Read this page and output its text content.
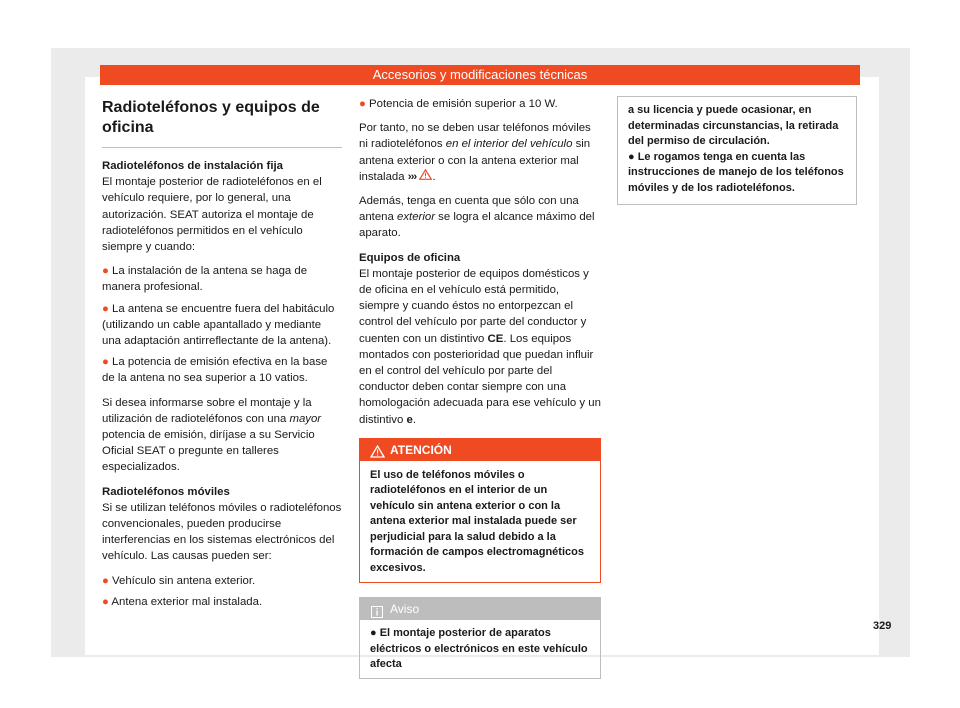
Accesorios y modificaciones técnicas
Radioteléfonos y equipos de oficina

Radioteléfonos de instalación fija

El montaje posterior de radioteléfonos en el vehículo requiere, por lo general, una autorización. SEAT autoriza el montaje de radioteléfonos permitidos en el vehículo siempre y cuando:

● La instalación de la antena se haga de manera profesional.

● La antena se encuentre fuera del habitáculo (utilizando un cable apantallado y mediante una adaptación antirreflectante de la antena).

● La potencia de emisión efectiva en la base de la antena no sea superior a 10 vatios.

Si desea informarse sobre el montaje y la utilización de radioteléfonos con una mayor potencia de emisión, diríjase a su Servicio Oficial SEAT o pregunte en talleres especializados.

Radioteléfonos móviles

Si se utilizan teléfonos móviles o radioteléfonos convencionales, pueden producirse interferencias en los sistemas electrónicos del vehículo. Las causas pueden ser:

● Vehículo sin antena exterior.

● Antena exterior mal instalada.

● Potencia de emisión superior a 10 W.

Por tanto, no se deben usar teléfonos móviles ni radioteléfonos en el interior del vehículo sin antena exterior o con la antena exterior mal instalada ››› .

Además, tenga en cuenta que sólo con una antena exterior se logra el alcance máximo del aparato.

Equipos de oficina

El montaje posterior de equipos domésticos y de oficina en el vehículo está permitido, siempre y cuando éstos no entorpezcan el control del vehículo por parte del conductor y cuenten con un distintivo CE. Los equipos montados con posterioridad que puedan influir en el control del vehículo por parte del conductor deben contar siempre con una homologación adecuada para ese vehículo y un distintivo e.

ATENCIÓN
El uso de teléfonos móviles o radioteléfonos en el interior de un vehículo sin antena exterior o con la antena exterior mal instalada puede ser perjudicial para la salud debido a la formación de campos electromagnéticos excesivos.
Aviso
● El montaje posterior de aparatos eléctricos o electrónicos en este vehículo afecta
a su licencia y puede ocasionar, en determinadas circunstancias, la retirada del permiso de circulación.
● Le rogamos tenga en cuenta las instrucciones de manejo de los teléfonos móviles y de los radioteléfonos.
329
